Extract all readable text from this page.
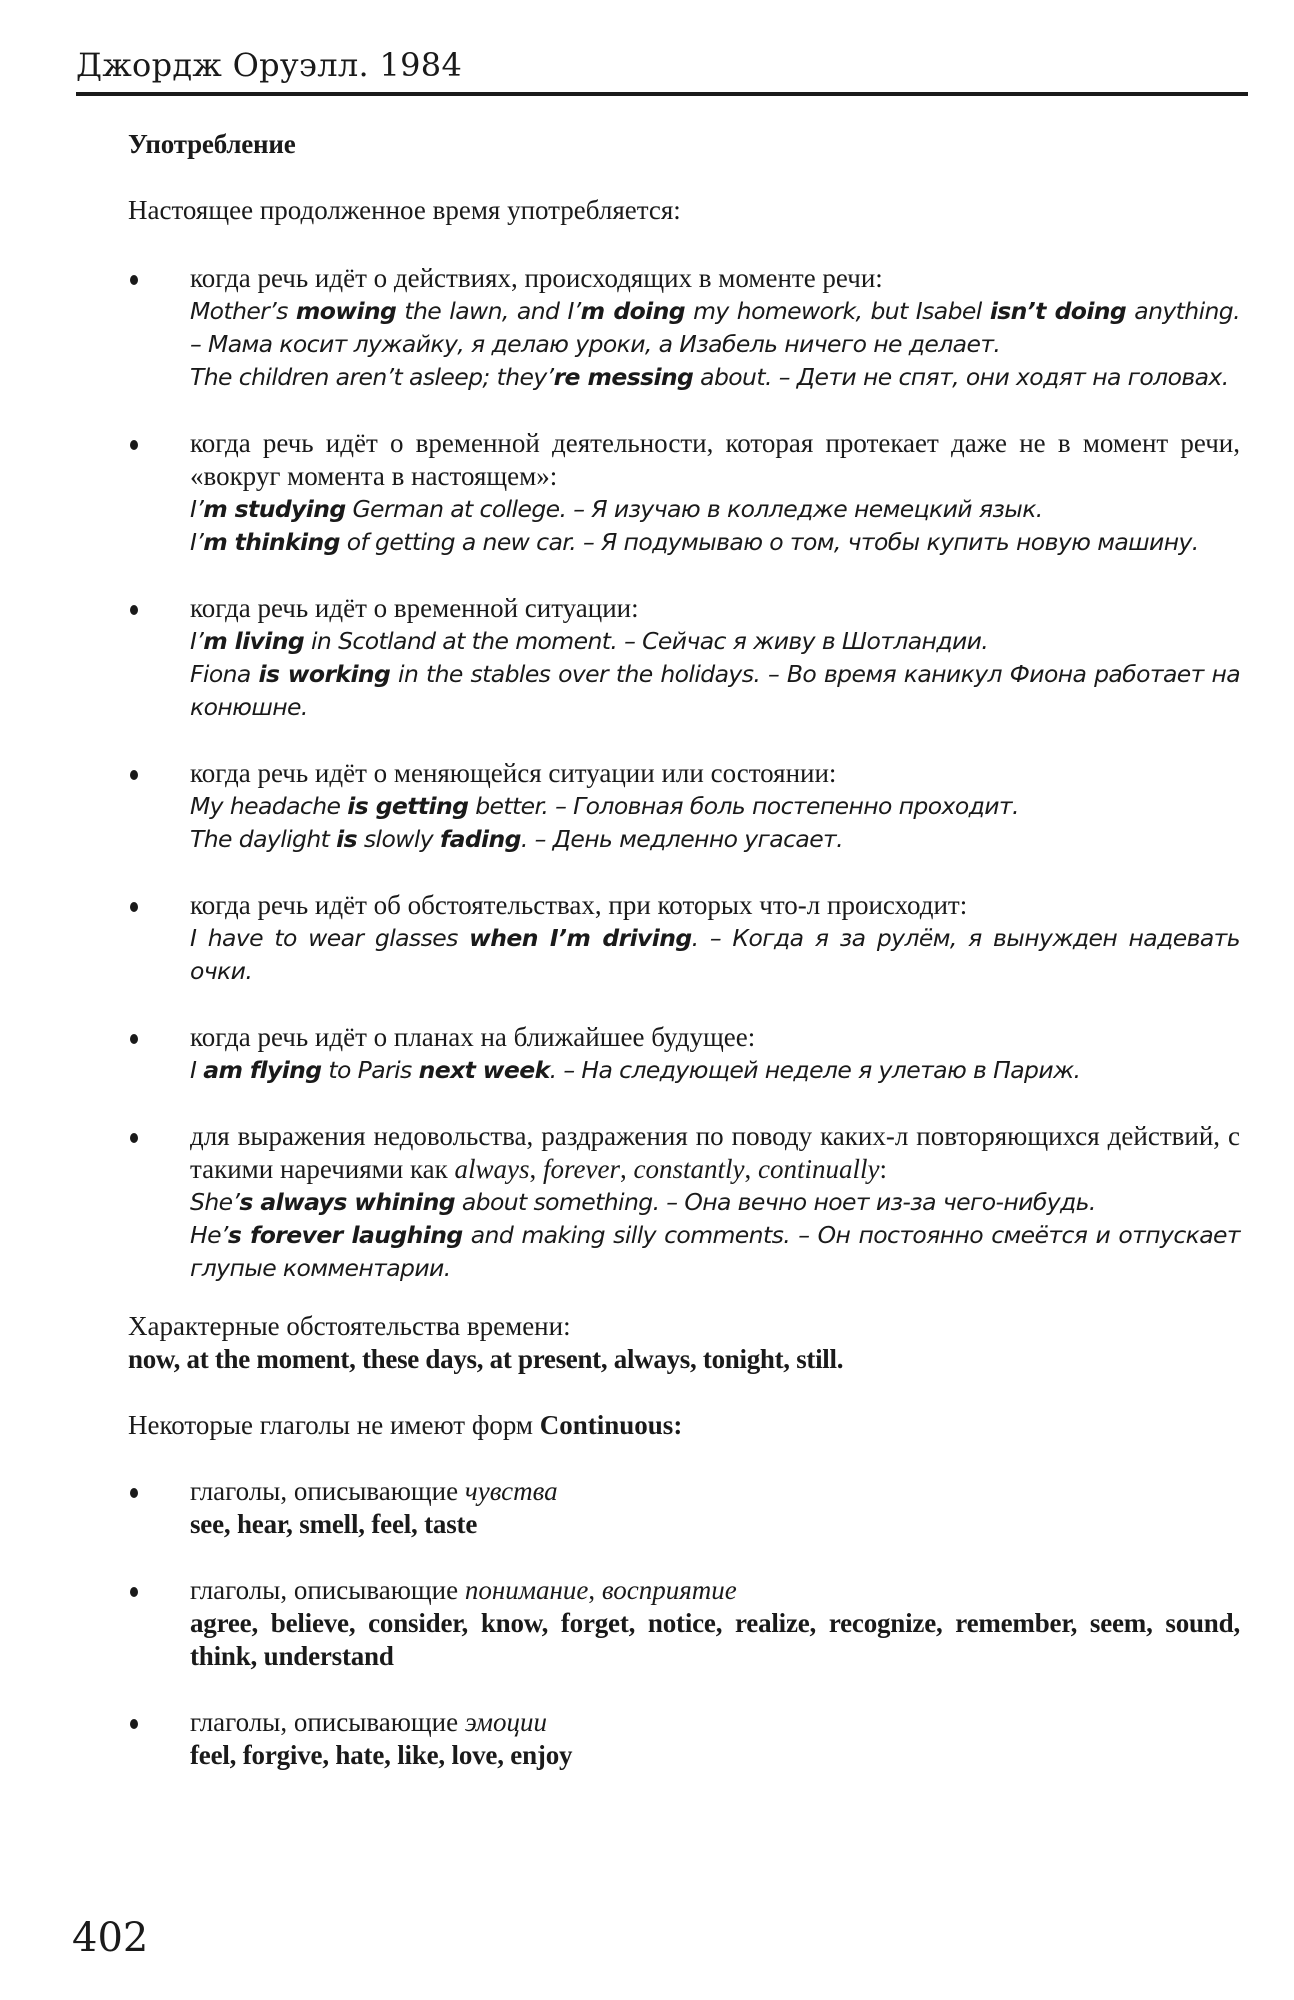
Джордж Оруэлл. 1984
Употребление

Настоящее продолженное время употребляется:

когда речь идёт о действиях, происходящих в моменте речи:
Mother’s mowing the lawn, and I’m doing my homework, but Isabel isn’t doing anything. – Мама косит лужайку, я делаю уроки, а Изабель ничего не делает.
The children aren’t asleep; they’re messing about. – Дети не спят, они ходят на головах.
когда речь идёт о временной деятельности, которая протекает даже не в момент речи, «вокруг момента в настоящем»:
I’m studying German at college. – Я изучаю в колледже немецкий язык.
I’m thinking of getting a new car. – Я подумываю о том, чтобы купить новую машину.
когда речь идёт о временной ситуации:
I’m living in Scotland at the moment. – Сейчас я живу в Шотландии.
Fiona is working in the stables over the holidays. – Во время каникул Фиона работает на конюшне.
когда речь идёт о меняющейся ситуации или состоянии:
My headache is getting better. – Головная боль постепенно проходит.
The daylight is slowly fading. – День медленно угасает.
когда речь идёт об обстоятельствах, при которых что-л происходит:
I have to wear glasses when I’m driving. – Когда я за рулём, я вынужден надевать очки.
когда речь идёт о планах на ближайшее будущее:
I am flying to Paris next week. – На следующей неделе я улетаю в Париж.
для выражения недовольства, раздражения по поводу каких-л повторяющихся действий, с такими наречиями как always, forever, constantly, continually:
She’s always whining about something. – Она вечно ноет из-за чего-нибудь.
He’s forever laughing and making silly comments. – Он постоянно смеётся и отпускает глупые комментарии.

Характерные обстоятельства времени:

now, at the moment, these days, at present, always, tonight, still.

Некоторые глаголы не имеют форм Continuous:

глаголы, описывающие чувства
see, hear, smell, feel, taste
глаголы, описывающие понимание, восприятие
agree, believe, consider, know, forget, notice, realize, recognize, remember, seem, sound, think, understand
глаголы, описывающие эмоции
feel, forgive, hate, like, love, enjoy
402
